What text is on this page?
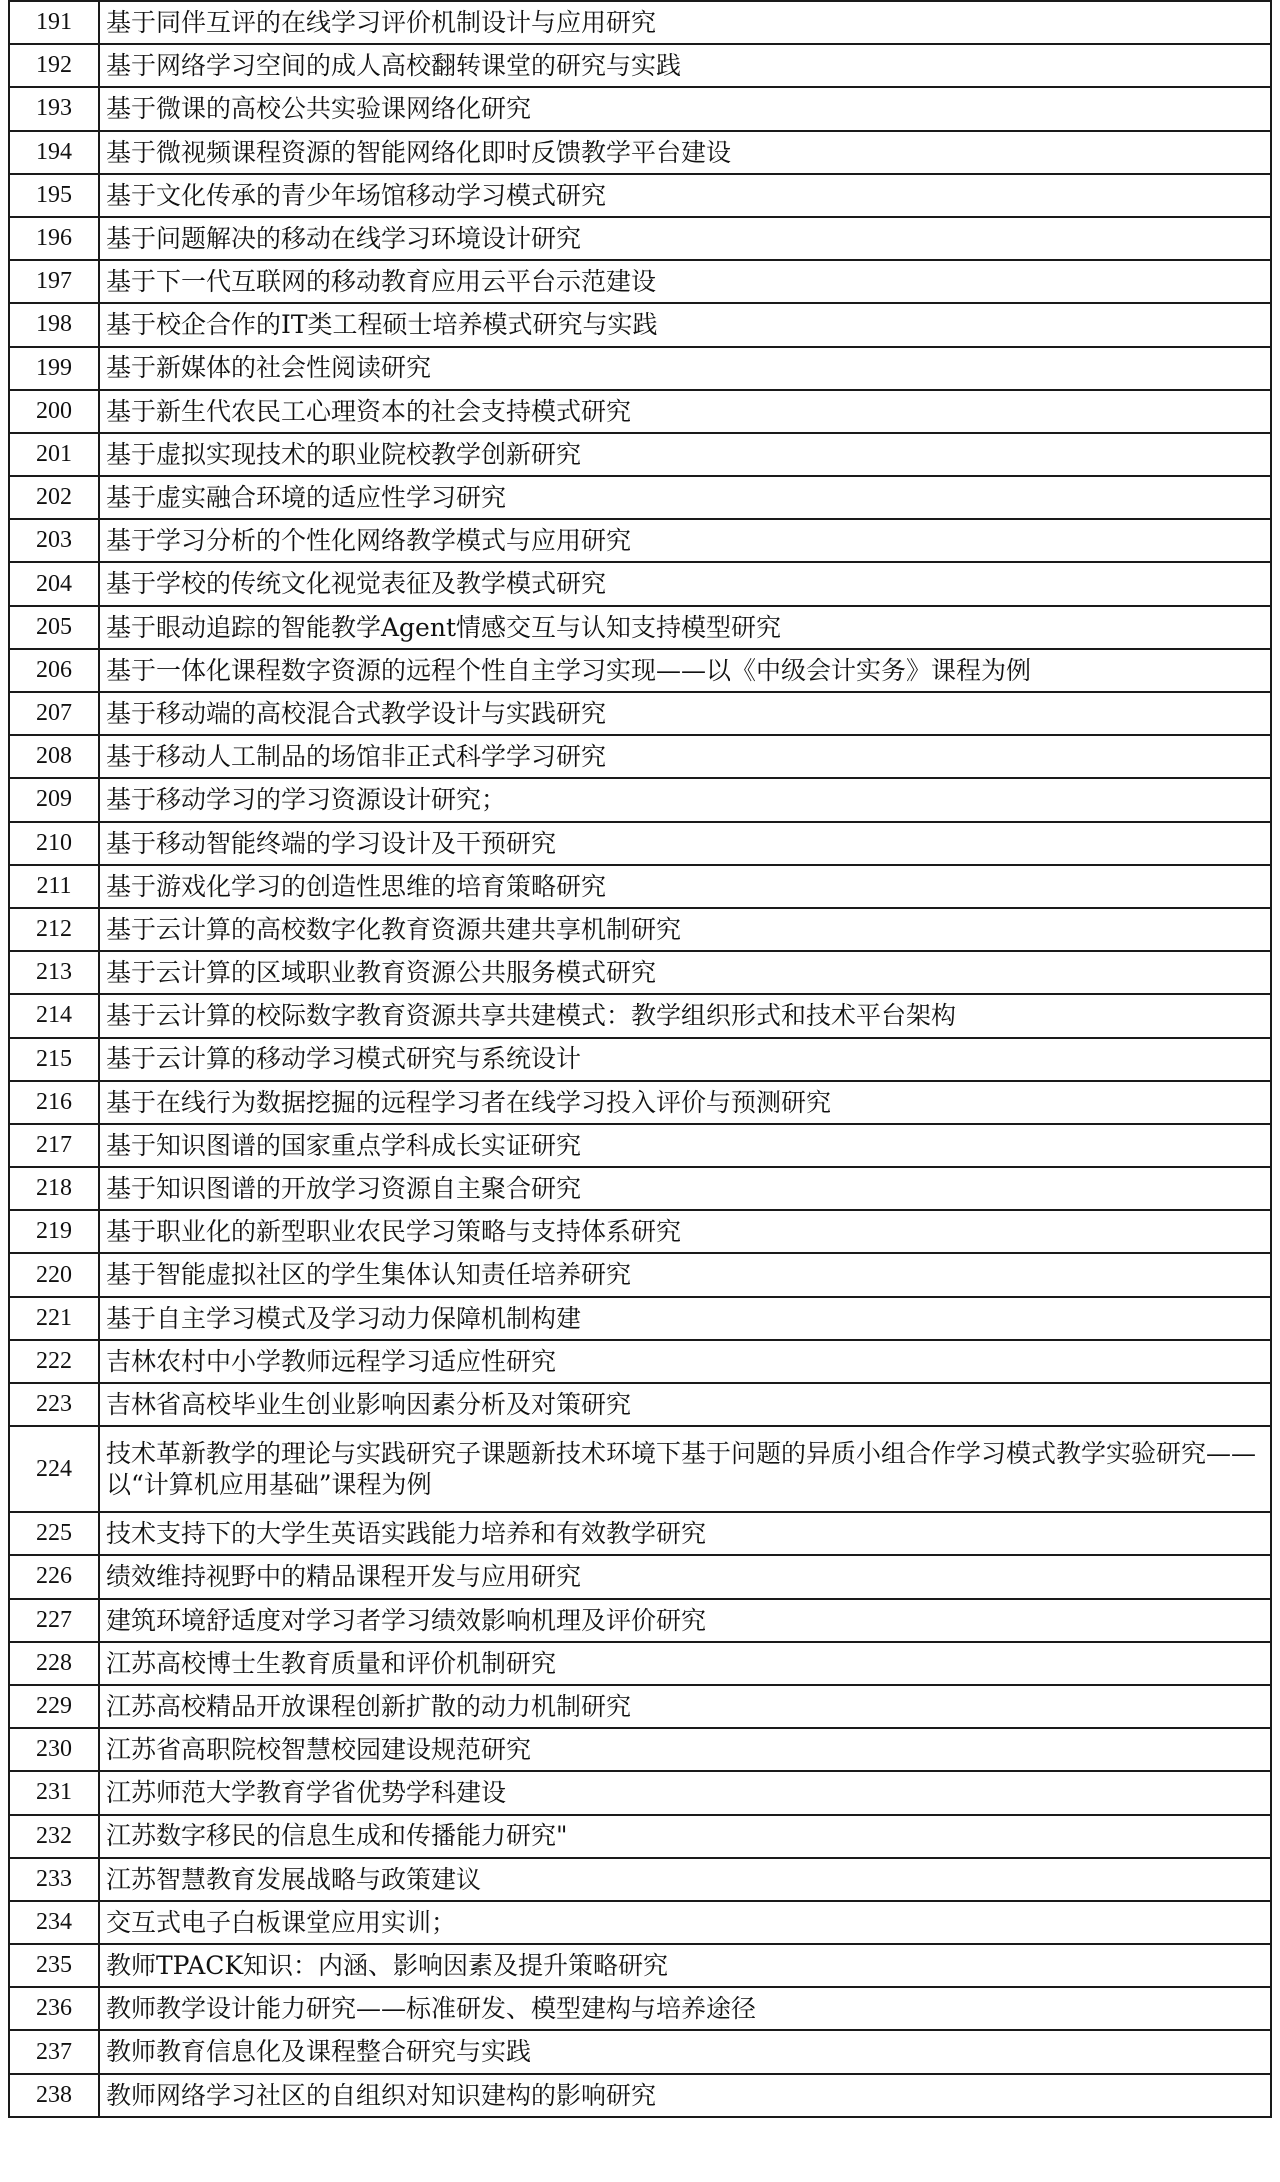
191	基于同伴互评的在线学习评价机制设计与应用研究
192	基于网络学习空间的成人高校翻转课堂的研究与实践
193	基于微课的高校公共实验课网络化研究
194	基于微视频课程资源的智能网络化即时反馈教学平台建设
195	基于文化传承的青少年场馆移动学习模式研究
196	基于问题解决的移动在线学习环境设计研究
197	基于下一代互联网的移动教育应用云平台示范建设
198	基于校企合作的IT类工程硕士培养模式研究与实践
199	基于新媒体的社会性阅读研究
200	基于新生代农民工心理资本的社会支持模式研究
201	基于虚拟实现技术的职业院校教学创新研究
202	基于虚实融合环境的适应性学习研究
203	基于学习分析的个性化网络教学模式与应用研究
204	基于学校的传统文化视觉表征及教学模式研究
205	基于眼动追踪的智能教学Agent情感交互与认知支持模型研究
206	基于一体化课程数字资源的远程个性自主学习实现——以《中级会计实务》课程为例
207	基于移动端的高校混合式教学设计与实践研究
208	基于移动人工制品的场馆非正式科学学习研究
209	基于移动学习的学习资源设计研究；
210	基于移动智能终端的学习设计及干预研究
211	基于游戏化学习的创造性思维的培育策略研究
212	基于云计算的高校数字化教育资源共建共享机制研究
213	基于云计算的区域职业教育资源公共服务模式研究
214	基于云计算的校际数字教育资源共享共建模式：教学组织形式和技术平台架构
215	基于云计算的移动学习模式研究与系统设计
216	基于在线行为数据挖掘的远程学习者在线学习投入评价与预测研究
217	基于知识图谱的国家重点学科成长实证研究
218	基于知识图谱的开放学习资源自主聚合研究
219	基于职业化的新型职业农民学习策略与支持体系研究
220	基于智能虚拟社区的学生集体认知责任培养研究
221	基于自主学习模式及学习动力保障机制构建
222	吉林农村中小学教师远程学习适应性研究
223	吉林省高校毕业生创业影响因素分析及对策研究
224	技术革新教学的理论与实践研究子课题新技术环境下基于问题的异质小组合作学习模式教学实验研究——以“计算机应用基础”课程为例
225	技术支持下的大学生英语实践能力培养和有效教学研究
226	绩效维持视野中的精品课程开发与应用研究
227	建筑环境舒适度对学习者学习绩效影响机理及评价研究
228	江苏高校博士生教育质量和评价机制研究
229	江苏高校精品开放课程创新扩散的动力机制研究
230	江苏省高职院校智慧校园建设规范研究
231	江苏师范大学教育学省优势学科建设
232	江苏数字移民的信息生成和传播能力研究"
233	江苏智慧教育发展战略与政策建议
234	交互式电子白板课堂应用实训；
235	教师TPACK知识：内涵、影响因素及提升策略研究
236	教师教学设计能力研究——标准研发、模型建构与培养途径
237	教师教育信息化及课程整合研究与实践
238	教师网络学习社区的自组织对知识建构的影响研究
